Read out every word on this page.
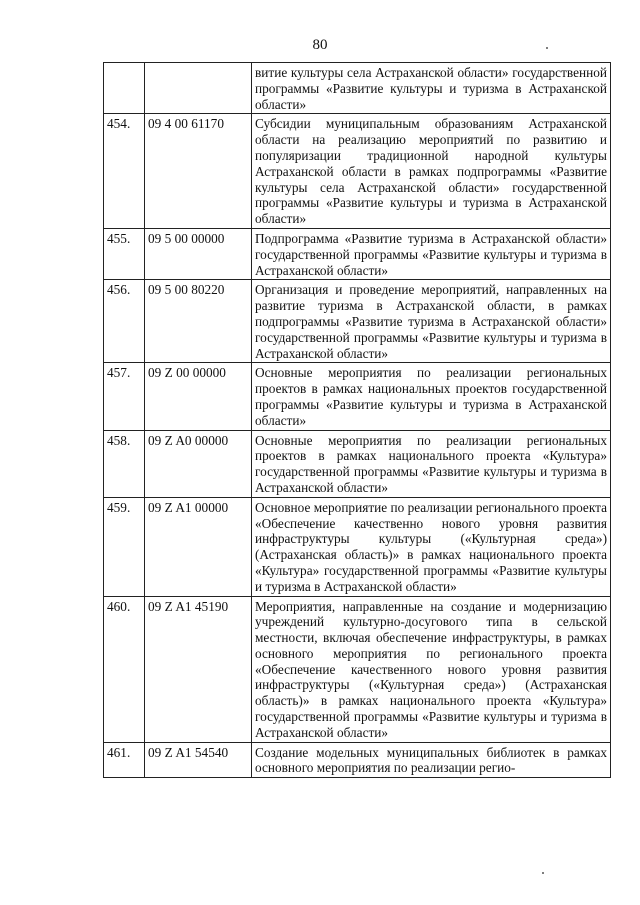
80
		витие культуры села Астраханской области» государственной программы «Развитие культуры и туризма в Астраханской области»
454.	09 4 00 61170	Субсидии муниципальным образованиям Астраханской области на реализацию мероприятий по развитию и популяризации традиционной народной культуры Астраханской области в рамках подпрограммы «Развитие культуры села Астраханской области» государственной программы «Развитие культуры и туризма в Астраханской области»
455.	09 5 00 00000	Подпрограмма «Развитие туризма в Астраханской области» государственной программы «Развитие культуры и туризма в Астраханской области»
456.	09 5 00 80220	Организация и проведение мероприятий, направленных на развитие туризма в Астраханской области, в рамках подпрограммы «Развитие туризма в Астраханской области» государственной программы «Развитие культуры и туризма в Астраханской области»
457.	09 Z 00 00000	Основные мероприятия по реализации региональных проектов в рамках национальных проектов государственной программы «Развитие культуры и туризма в Астраханской области»
458.	09 Z A0 00000	Основные мероприятия по реализации региональных проектов в рамках национального проекта «Культура» государственной программы «Развитие культуры и туризма в Астраханской области»
459.	09 Z A1 00000	Основное мероприятие по реализации регионального проекта «Обеспечение качественно нового уровня развития инфраструктуры культуры («Культурная среда») (Астраханская область)» в рамках национального проекта «Культура» государственной программы «Развитие культуры и туризма в Астраханской области»
460.	09 Z A1 45190	Мероприятия, направленные на создание и модернизацию учреждений культурно-досугового типа в сельской местности, включая обеспечение инфраструктуры, в рамках основного мероприятия по регионального проекта «Обеспечение качественного нового уровня развития инфраструктуры («Культурная среда») (Астраханская область)» в рамках национального проекта «Культура» государственной программы «Развитие культуры и туризма в Астраханской области»
461.	09 Z A1 54540	Создание модельных муниципальных библиотек в рамках основного мероприятия по реализации регио-
